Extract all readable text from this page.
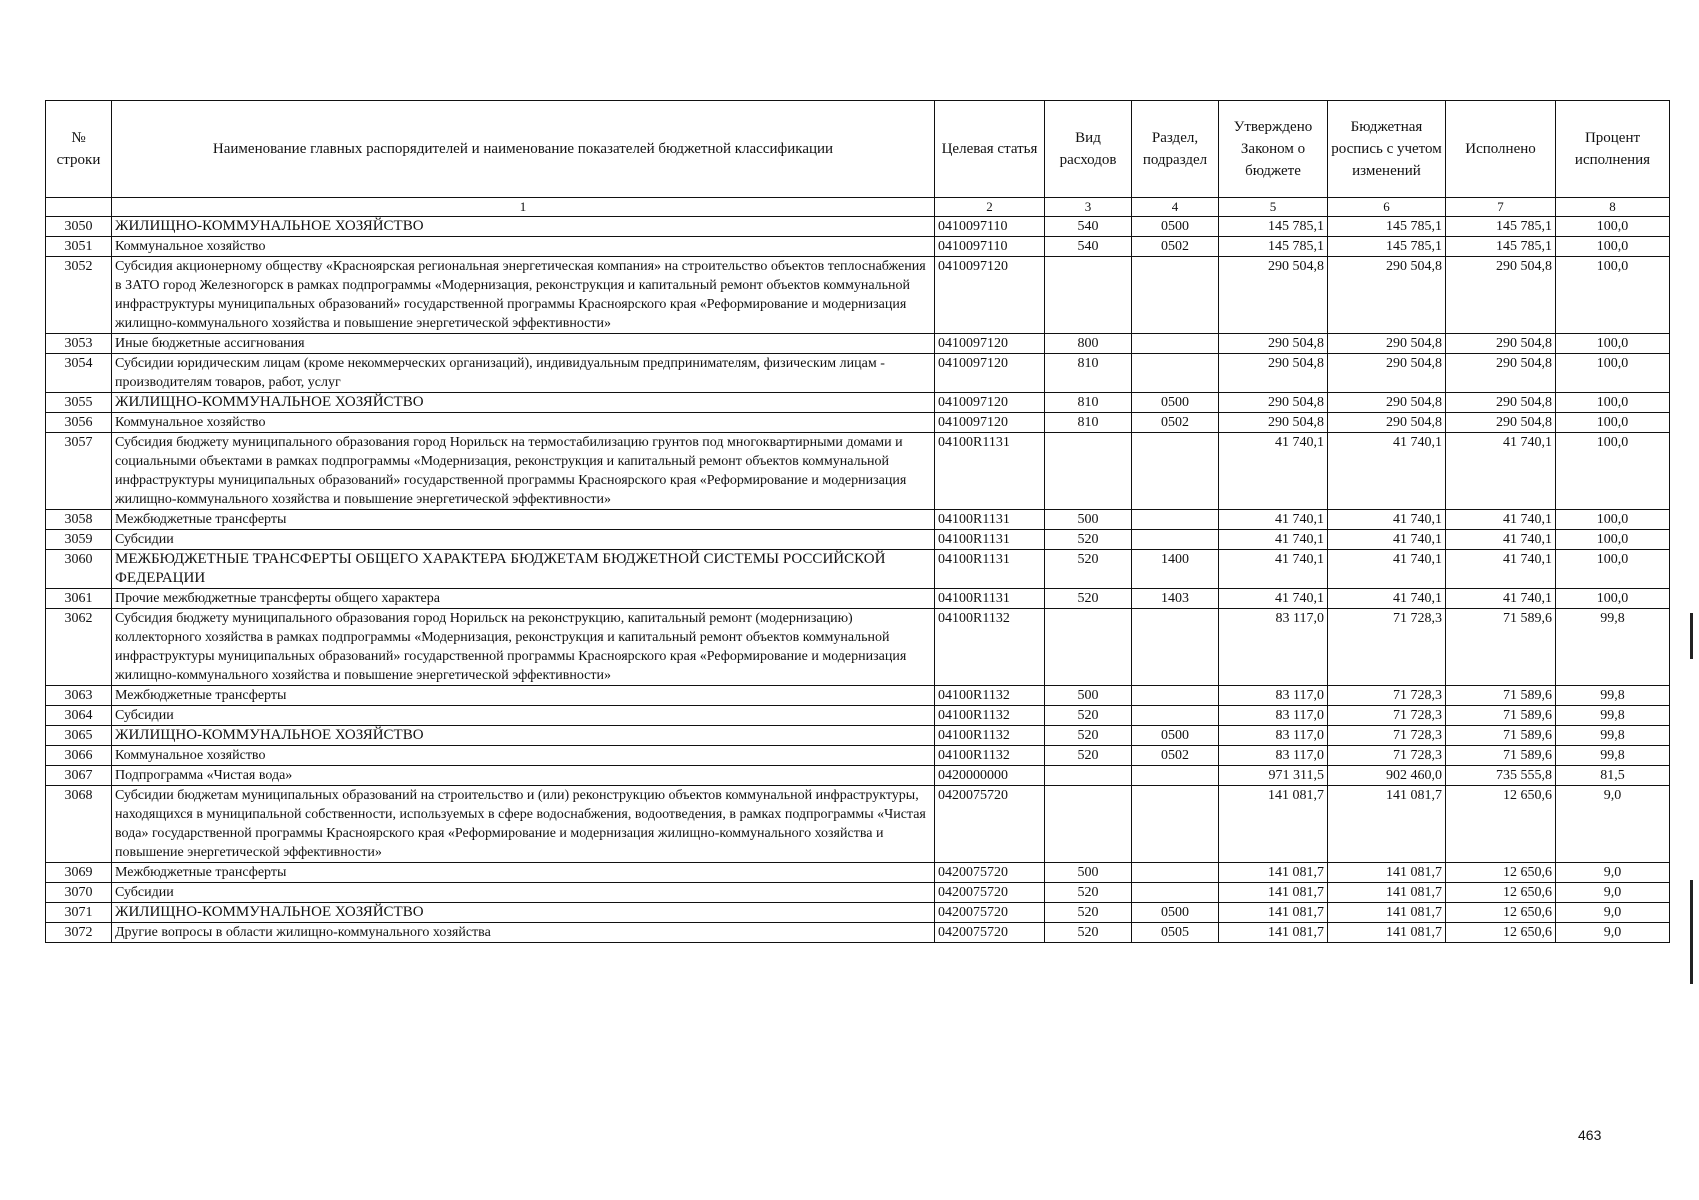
№ строки	Наименование главных распорядителей и наименование показателей бюджетной классификации	Целевая статья	Вид расходов	Раздел, подраздел	Утверждено Законом о бюджете	Бюджетная роспись с учетом изменений	Исполнено	Процент исполнения
	1	2	3	4	5	6	7	8
3050	ЖИЛИЩНО-КОММУНАЛЬНОЕ ХОЗЯЙСТВО	0410097110	540	0500	145 785,1	145 785,1	145 785,1	100,0
3051	Коммунальное хозяйство	0410097110	540	0502	145 785,1	145 785,1	145 785,1	100,0
3052	Субсидия акционерному обществу «Красноярская региональная энергетическая компания» на строительство объектов теплоснабжения в ЗАТО город Железногорск в рамках подпрограммы «Модернизация, реконструкция и капитальный ремонт объектов коммунальной инфраструктуры муниципальных образований» государственной программы Красноярского края «Реформирование и модернизация жилищно-коммунального хозяйства и повышение энергетической эффективности»	0410097120			290 504,8	290 504,8	290 504,8	100,0
3053	Иные бюджетные ассигнования	0410097120	800		290 504,8	290 504,8	290 504,8	100,0
3054	Субсидии юридическим лицам (кроме некоммерческих организаций), индивидуальным предпринимателям, физическим лицам - производителям товаров, работ, услуг	0410097120	810		290 504,8	290 504,8	290 504,8	100,0
3055	ЖИЛИЩНО-КОММУНАЛЬНОЕ ХОЗЯЙСТВО	0410097120	810	0500	290 504,8	290 504,8	290 504,8	100,0
3056	Коммунальное хозяйство	0410097120	810	0502	290 504,8	290 504,8	290 504,8	100,0
3057	Субсидия бюджету муниципального образования город Норильск на термостабилизацию грунтов под многоквартирными домами и социальными объектами в рамках подпрограммы «Модернизация, реконструкция и капитальный ремонт объектов коммунальной инфраструктуры муниципальных образований» государственной программы Красноярского края «Реформирование и модернизация жилищно-коммунального хозяйства и повышение энергетической эффективности»	04100R1131			41 740,1	41 740,1	41 740,1	100,0
3058	Межбюджетные трансферты	04100R1131	500		41 740,1	41 740,1	41 740,1	100,0
3059	Субсидии	04100R1131	520		41 740,1	41 740,1	41 740,1	100,0
3060	МЕЖБЮДЖЕТНЫЕ ТРАНСФЕРТЫ ОБЩЕГО ХАРАКТЕРА БЮДЖЕТАМ БЮДЖЕТНОЙ СИСТЕМЫ РОССИЙСКОЙ ФЕДЕРАЦИИ	04100R1131	520	1400	41 740,1	41 740,1	41 740,1	100,0
3061	Прочие межбюджетные трансферты общего характера	04100R1131	520	1403	41 740,1	41 740,1	41 740,1	100,0
3062	Субсидия бюджету муниципального образования город Норильск на реконструкцию, капитальный ремонт (модернизацию) коллекторного хозяйства в рамках подпрограммы «Модернизация, реконструкция и капитальный ремонт объектов коммунальной инфраструктуры муниципальных образований» государственной программы Красноярского края «Реформирование и модернизация жилищно-коммунального хозяйства и повышение энергетической эффективности»	04100R1132			83 117,0	71 728,3	71 589,6	99,8
3063	Межбюджетные трансферты	04100R1132	500		83 117,0	71 728,3	71 589,6	99,8
3064	Субсидии	04100R1132	520		83 117,0	71 728,3	71 589,6	99,8
3065	ЖИЛИЩНО-КОММУНАЛЬНОЕ ХОЗЯЙСТВО	04100R1132	520	0500	83 117,0	71 728,3	71 589,6	99,8
3066	Коммунальное хозяйство	04100R1132	520	0502	83 117,0	71 728,3	71 589,6	99,8
3067	Подпрограмма «Чистая вода»	0420000000			971 311,5	902 460,0	735 555,8	81,5
3068	Субсидии бюджетам муниципальных образований на строительство и (или) реконструкцию объектов коммунальной инфраструктуры, находящихся в муниципальной собственности, используемых в сфере водоснабжения, водоотведения, в рамках подпрограммы «Чистая вода» государственной программы Красноярского края «Реформирование и модернизация жилищно-коммунального хозяйства и повышение энергетической эффективности»	0420075720			141 081,7	141 081,7	12 650,6	9,0
3069	Межбюджетные трансферты	0420075720	500		141 081,7	141 081,7	12 650,6	9,0
3070	Субсидии	0420075720	520		141 081,7	141 081,7	12 650,6	9,0
3071	ЖИЛИЩНО-КОММУНАЛЬНОЕ ХОЗЯЙСТВО	0420075720	520	0500	141 081,7	141 081,7	12 650,6	9,0
3072	Другие вопросы в области жилищно-коммунального хозяйства	0420075720	520	0505	141 081,7	141 081,7	12 650,6	9,0
463
